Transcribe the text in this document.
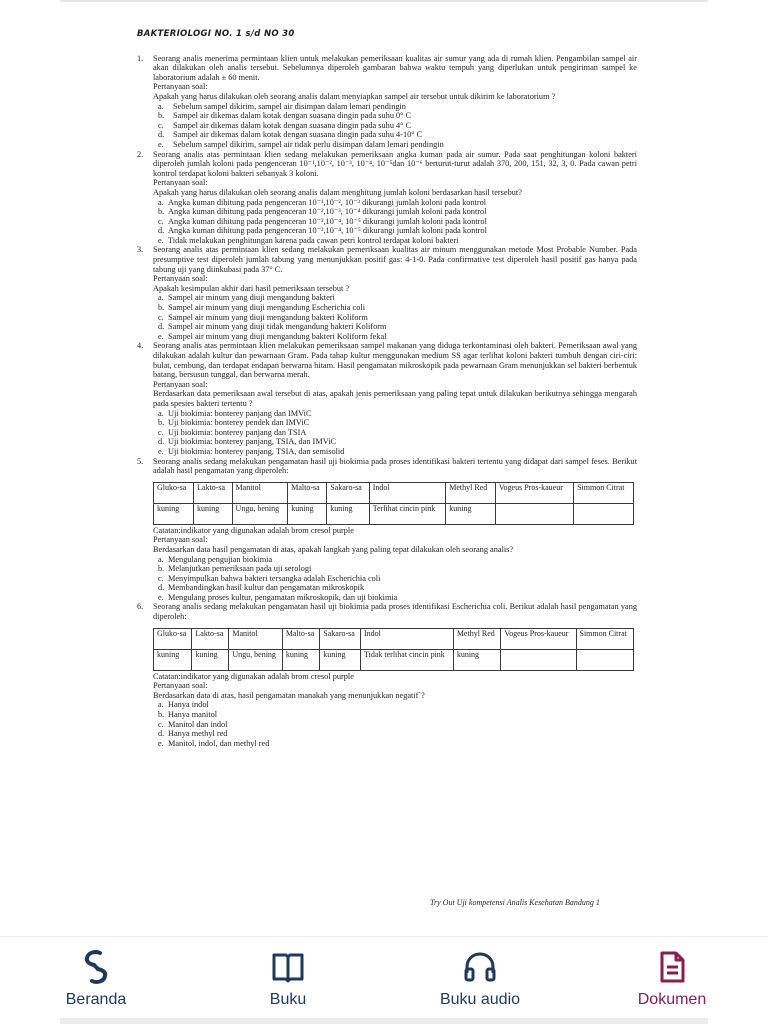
BAKTERIOLOGI NO. 1 s/d NO 30
1.	Seorang analis menerima permintaan klien untuk melakukan pemeriksaan kualitas air sumur yang ada di rumah klien. Pengambilan sampel air akan dilakukan oleh analis tersebut. Sebelumnya diperoleh gambaran bahwa waktu tempuh yang diperlukan untuk pengiriman sampel ke laboratorium adalah ± 60 menit.

Pertanyaan soal:

Apakah yang harus dilakukan oleh seorang analis dalam menyiapkan sampel air tersebut untuk dikirim ke laboratorium ?

a.	Sebelum sampel dikirim, sampel air disimpan dalam lemari pendingin
b.	Sampel air dikemas dalam kotak dengan suasana dingin pada suhu 0° C
c.	Sampel air dikemas dalam kotak dengan suasana dingin pada suhu 4° C
d.	Sampel air dikemas dalam kotak dengan suasana dingin pada suhu 4-10° C
e.	Sebelum sampel dikirim, sampel air tidak perlu disimpan dalam lemari pendingin
2.	Seorang analis atas permintaan klien sedang melakukan pemeriksaan angka kuman pada air sumur. Pada saat penghitungan koloni bakteri diperoleh jumlah koloni pada pengenceran 10⁻¹,10⁻², 10⁻³, 10⁻⁴, 10⁻⁵dan 10⁻⁶ berturut-turut adalah 370, 200, 151, 32, 3, 0. Pada cawan petri kontrol terdapat koloni bakteri sebanyak 3 koloni.

Pertanyaan soal:

Apakah yang harus dilakukan oleh seorang analis dalam menghitung jumlah koloni berdasarkan hasil tersebut?

a. Angka kuman dihitung pada pengenceran 10⁻¹,10⁻², 10⁻³ dikurangi jumlah koloni pada kontrol
b. Angka kuman dihitung pada pengenceran 10⁻²,10⁻³, 10⁻⁴ dikurangi jumlah koloni pada kontrol
c. Angka kuman dihitung pada pengenceran 10⁻³,10⁻⁴, 10⁻⁵ dikurangi jumlah koloni pada kontrol
d. Angka kuman dihitung pada pengenceran 10⁻³,10⁻⁴, 10⁻⁵ dikurangi jumlah koloni pada kontrol
e. Tidak melakukan penghitungan karena pada cawan petri kontrol terdapat koloni bakteri
3.	Seorang analis atas permintaan klien sedang melakukan pemeriksaan kualitas air minum menggunakan metode Most Probable Number. Pada presumptive test diperoleh jumlah tabung yang menunjukkan positif gas: 4-1-0. Pada confirmative test diperoleh hasil positif gas hanya pada tabung uji yang diinkubasi pada 37° C.

Pertanyaan soal:

Apakah kesimpulan akhir dari hasil pemeriksaan tersebut ?

a. Sampel air minum yang diuji mengandung bakteri
b. Sampel air minum yang diuji mengandung Escherichia coli
c. Sampel air minum yang diuji mengandung bakteri Koliform
d. Sampel air minum yang diuji tidak mengandung bakteri Koliform
e. Sampel air minum yang diuji mengandung bakteri Koliform fekal
4.	Seorang analis atas permintaan klien melakukan pemeriksaan sampel makanan yang diduga terkontaminasi oleh bakteri. Pemeriksaan awal yang dilakukan adalah kultur dan pewarnaan Gram. Pada tahap kultur menggunakan medium SS agar terlihat koloni bakteri tumbuh dengan ciri-ciri: bulat, cembung, dan terdapat endapan berwarna hitam. Hasil pengamatan mikroskopik pada pewarnaan Gram menunjukkan sel bakteri berbentuk batang, bersusun tunggal, dan berwarna merah.

Pertanyaan soal:

Berdasarkan data pemeriksaan awal tersebut di atas, apakah jenis pemeriksaan yang paling tepat untuk dilakukan berikutnya sehingga mengarah pada spesies bakteri tertentu ?

a. Uji biokimia: bonterey panjang dan IMViC
b. Uji biokimia: bonterey pendek dan IMViC
c. Uji biokimia: bonterey panjang dan TSIA
d. Uji biokimia: bonterey panjang, TSIA, dan IMViC
e. Uji biokimia: bonterey panjang, TSIA, dan semisolid
5.	Seorang analis sedang melakukan pengamatan hasil uji biokimia pada proses identifikasi bakteri tertentu yang didapat dari sampel feses. Berikut adalah hasil pengamatan yang diperoleh:

Gluko-sa	Lakto-sa	Manitol	Malto-sa	Sakaro-sa	Indol	Methyl Red	Vogeus Pros-kaueur	Simmon Citrat
kuning	kuning	Ungu, bening	kuning	kuning	Terlihat cincin pink	kuning		

Catatan:indikator yang digunakan adalah brom cresol purple

Pertanyaan soal:

Berdasarkan data hasil pengamatan di atas, apakah langkah yang paling tepat dilakukan oleh seorang analis?

a. Mengulang pengujian biokimia
b. Melanjutkan pemeriksaan pada uji serologi
c. Menyimpulkan bahwa bakteri tersangka adalah Escherichia coli
d. Membandingkan hasil kultur dan pengamatan mikroskopik
e. Mengulang proses kultur, pengamatan mikroskopik, dan uji biokimia
6.	Seorang analis sedang melakukan pengamatan hasil uji biokimia pada proses identifikasi Escherichia coli. Berikut adalah hasil pengamatan yang diperoleh:

Gluko-sa	Lakto-sa	Manitol	Malto-sa	Sakaro-sa	Indol	Methyl Red	Vogeus Pros-kaueur	Simmon Citrat
kuning	kuning	Ungu, bening	kuning	kuning	Tidak terlihat cincin pink	kuning		

Catatan:indikator yang digunakan adalah brom cresol purple

Pertanyaan soal:

Berdasarkan data di atas, hasil pengamatan manakah yang menunjukkan negatif`?

a. Hanya indol
b. Hanya manitol
c. Manitol dan indol
d. Hanya methyl red
e. Manitol, indol, dan methyl red
Try Out Uji kompetensi Analis Kesehatan Bandung 1
Beranda	Buku	Buku audio	Dokumen
